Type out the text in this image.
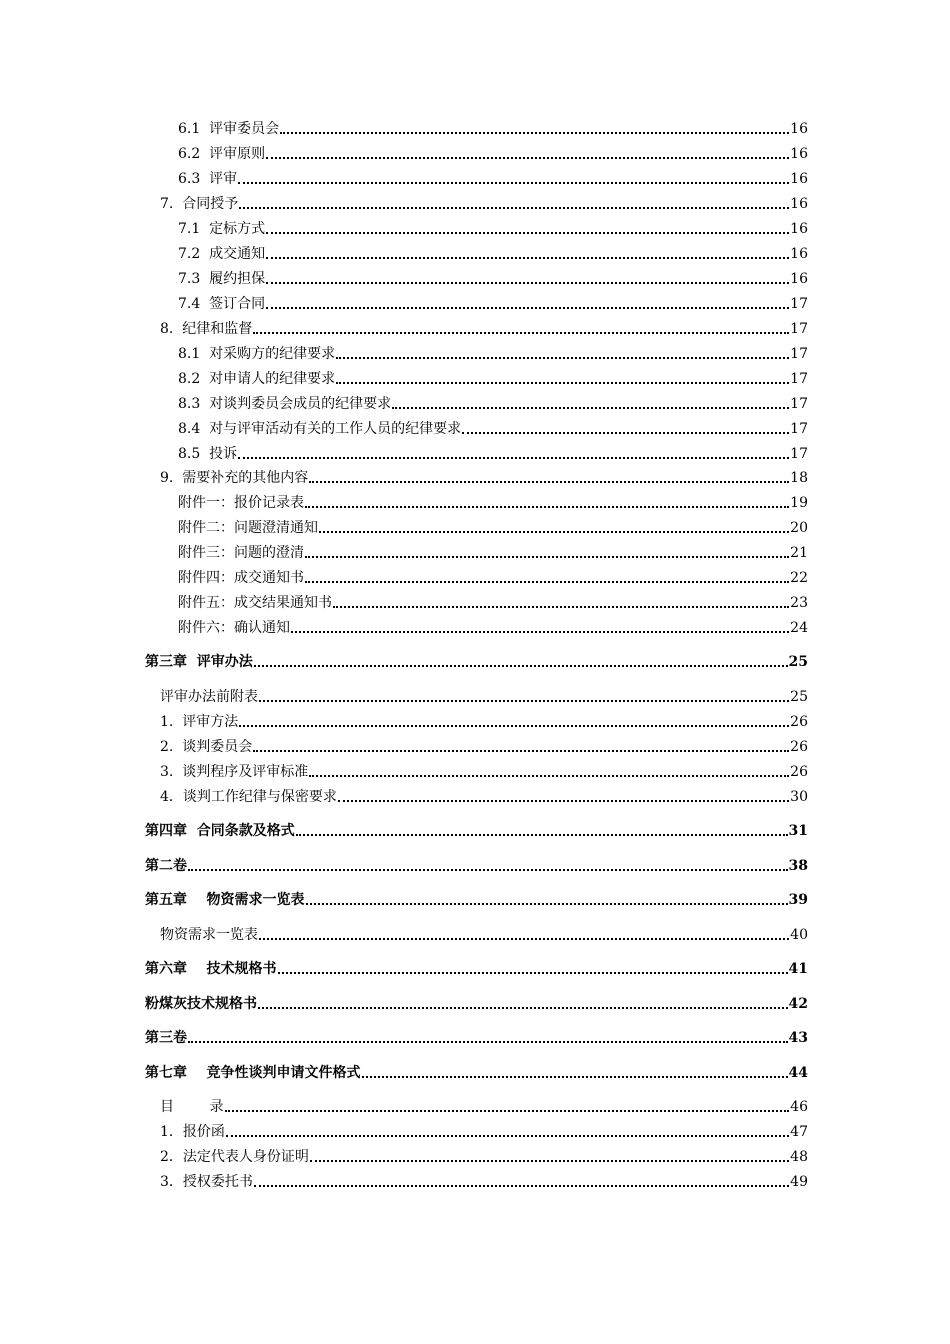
6.1  评审委员会	16
6.2  评审原则	16
6.3  评审	16
7.  合同授予	16
7.1  定标方式	16
7.2  成交通知	16
7.3  履约担保	16
7.4  签订合同	17
8.  纪律和监督	17
8.1  对采购方的纪律要求	17
8.2  对申请人的纪律要求	17
8.3  对谈判委员会成员的纪律要求	17
8.4  对与评审活动有关的工作人员的纪律要求	17
8.5  投诉	17
9.  需要补充的其他内容	18
附件一：报价记录表	19
附件二：问题澄清通知	20
附件三：问题的澄清	21
附件四：成交通知书	22
附件五：成交结果通知书	23
附件六：确认通知	24
第三章  评审办法	25
评审办法前附表	25
1.  评审方法	26
2.  谈判委员会	26
3.  谈判程序及评审标准	26
4．谈判工作纪律与保密要求	30
第四章  合同条款及格式	31
第二卷	38
第五章    物资需求一览表	39
物资需求一览表	40
第六章    技术规格书	41
粉煤灰技术规格书	42
第三卷	43
第七章    竞争性谈判申请文件格式	44
目        录	46
1．报价函	47
2．法定代表人身份证明	48
3．授权委托书	49
